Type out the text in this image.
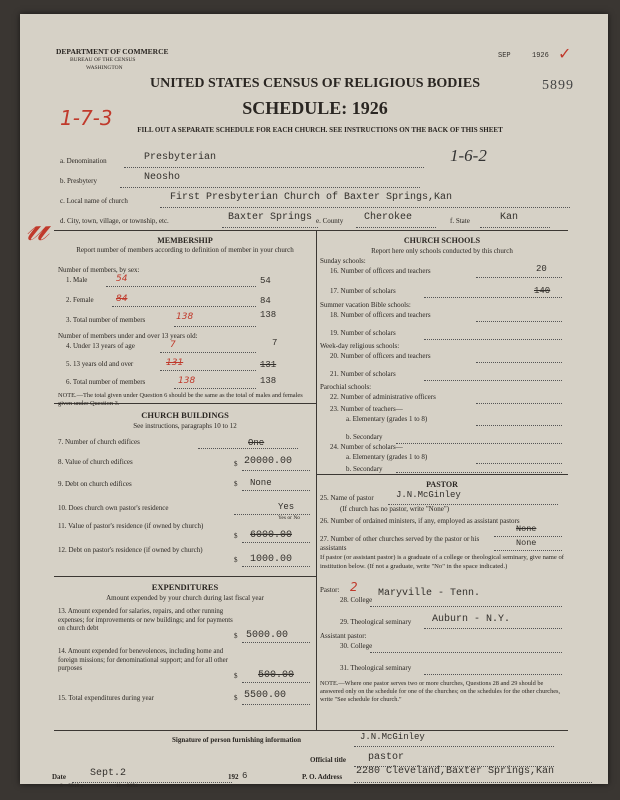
DEPARTMENT OF COMMERCE
BUREAU OF THE CENSUS
WASHINGTON
SEP	1926 ✓
5899
UNITED STATES CENSUS OF RELIGIOUS BODIES
SCHEDULE: 1926
1-7-3	FILL OUT A SEPARATE SCHEDULE FOR EACH CHURCH. SEE INSTRUCTIONS ON THE BACK OF THIS SHEET
1-6-2
a. Denomination	Presbyterian
b. Presbytery	Neosho
c. Local name of church	First Presbyterian Church of Baxter Springs,Kan
d. City, town, village, or township, etc.	Baxter Springs e. County Cherokee	f. State	Kan
𝓊	MEMBERSHIP
Report number of members according to definition of member in your church
Number of members, by sex:
1. Male	54	54
2. Female 84	84
3. Total number of members	138	138
Number of members under and over 13 years old:
4. Under 13 years of age	7	7
5. 13 years old and over	131	131
6. Total number of members	138	138
NOTE.—The total given under Question 6 should be the same as the total of males and females given under Question 3.
CHURCH BUILDINGS
See instructions, paragraphs 10 to 12
7. Number of church edifices	One
8. Value of church edifices	$ 20000.00
9. Debt on church edifices	$ None
10. Does church own pastor's residence	Yes
Yes or No
11. Value of pastor's residence (if owned by church)
$ 6000.00
12. Debt on pastor's residence (if owned by church)
$ 1000.00
EXPENDITURES
Amount expended by your church during last fiscal year
13. Amount expended for salaries, repairs, and other running expenses; for improvements or new buildings; and for payments on church debt
$ 5000.00
14. Amount expended for benevolences, including home and foreign missions; for denominational support; and for all other purposes
$ 500.00
15. Total expenditures during year	$ 5500.00
CHURCH SCHOOLS
Report here only schools conducted by this church
Sunday schools:
16. Number of officers and teachers	20
17. Number of scholars	140
Summer vacation Bible schools:
18. Number of officers and teachers
19. Number of scholars
Week-day religious schools:
20. Number of officers and teachers
21. Number of scholars
Parochial schools:
22. Number of administrative officers
23. Number of teachers—
a. Elementary (grades 1 to 8)
b. Secondary
24. Number of scholars—
a. Elementary (grades 1 to 8)
b. Secondary
PASTOR
25. Name of pastor J.N.McGinley
(If church has no pastor, write "None")
26. Number of ordained ministers, if any, employed as assistant pastors
None
27. Number of other churches served by the pastor or his assistants	None
If pastor (or assistant pastor) is a graduate of a college or theological seminary, give name of institution below. (If not a graduate, write "No" in the space indicated.)
Pastor: 2
28. College
Maryville - Tenn.
29. Theological seminary Auburn - N.Y.
Assistant pastor:
30. College
31. Theological seminary
NOTE.—Where one pastor serves two or more churches, Questions 28 and 29 should be answered only on the schedule for one of the churches; on the schedules for the other churches, write "See schedule for church."
Signature of person furnishing information	J.N.McGinley
Official title pastor
Date Sept.2	192 6	P. O. Address 2280 Cleveland,Baxter Springs,Kan
8—5518 a	11—9054
